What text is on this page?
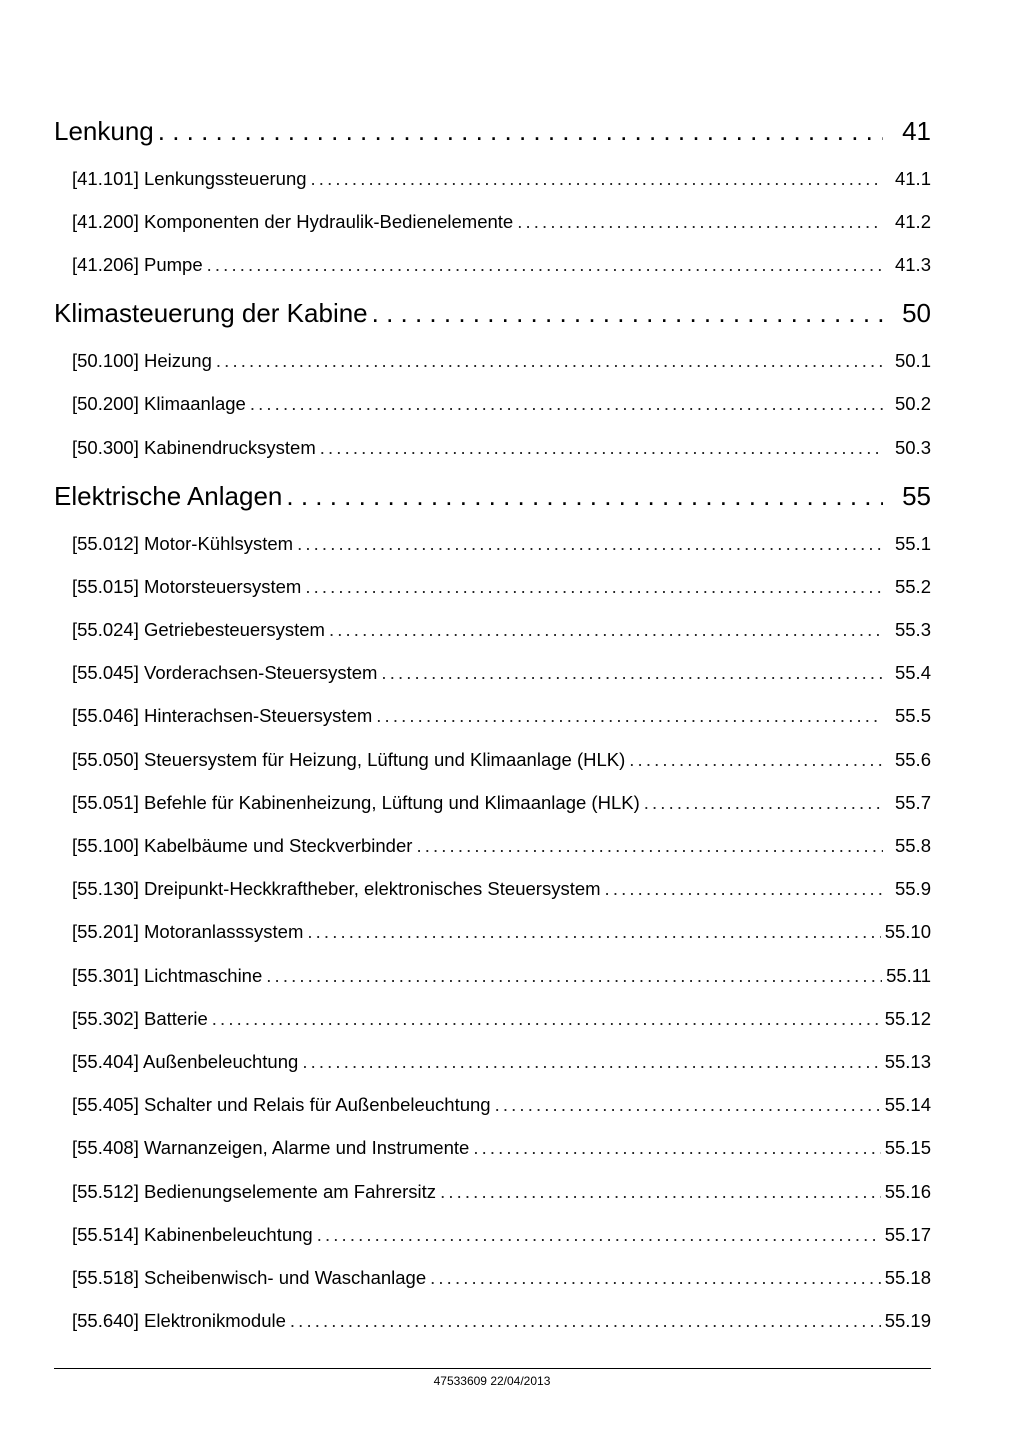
Lenkung . . .	41
[41.101] Lenkungssteuerung . . .	41.1
[41.200] Komponenten der Hydraulik-Bedienelemente . . .	41.2
[41.206] Pumpe . . .	41.3
Klimasteuerung der Kabine . . .	50
[50.100] Heizung . . .	50.1
[50.200] Klimaanlage . . .	50.2
[50.300] Kabinendrucksystem . . .	50.3
Elektrische Anlagen . . .	55
[55.012] Motor-Kühlsystem . . .	55.1
[55.015] Motorsteuersystem . . .	55.2
[55.024] Getriebesteuersystem . . .	55.3
[55.045] Vorderachsen-Steuersystem . . .	55.4
[55.046] Hinterachsen-Steuersystem . . .	55.5
[55.050] Steuersystem für Heizung, Lüftung und Klimaanlage (HLK) . . .	55.6
[55.051] Befehle für Kabinenheizung, Lüftung und Klimaanlage (HLK) . . .	55.7
[55.100] Kabelbäume und Steckverbinder . . .	55.8
[55.130] Dreipunkt-Heckkraftheber, elektronisches Steuersystem . . .	55.9
[55.201] Motoranlasssystem . . .	55.10
[55.301] Lichtmaschine . . .	55.11
[55.302] Batterie . . .	55.12
[55.404] Außenbeleuchtung . . .	55.13
[55.405] Schalter und Relais für Außenbeleuchtung . . .	55.14
[55.408] Warnanzeigen, Alarme und Instrumente . . .	55.15
[55.512] Bedienungselemente am Fahrersitz . . .	55.16
[55.514] Kabinenbeleuchtung . . .	55.17
[55.518] Scheibenwisch- und Waschanlage . . .	55.18
[55.640] Elektronikmodule . . .	55.19
47533609 22/04/2013
